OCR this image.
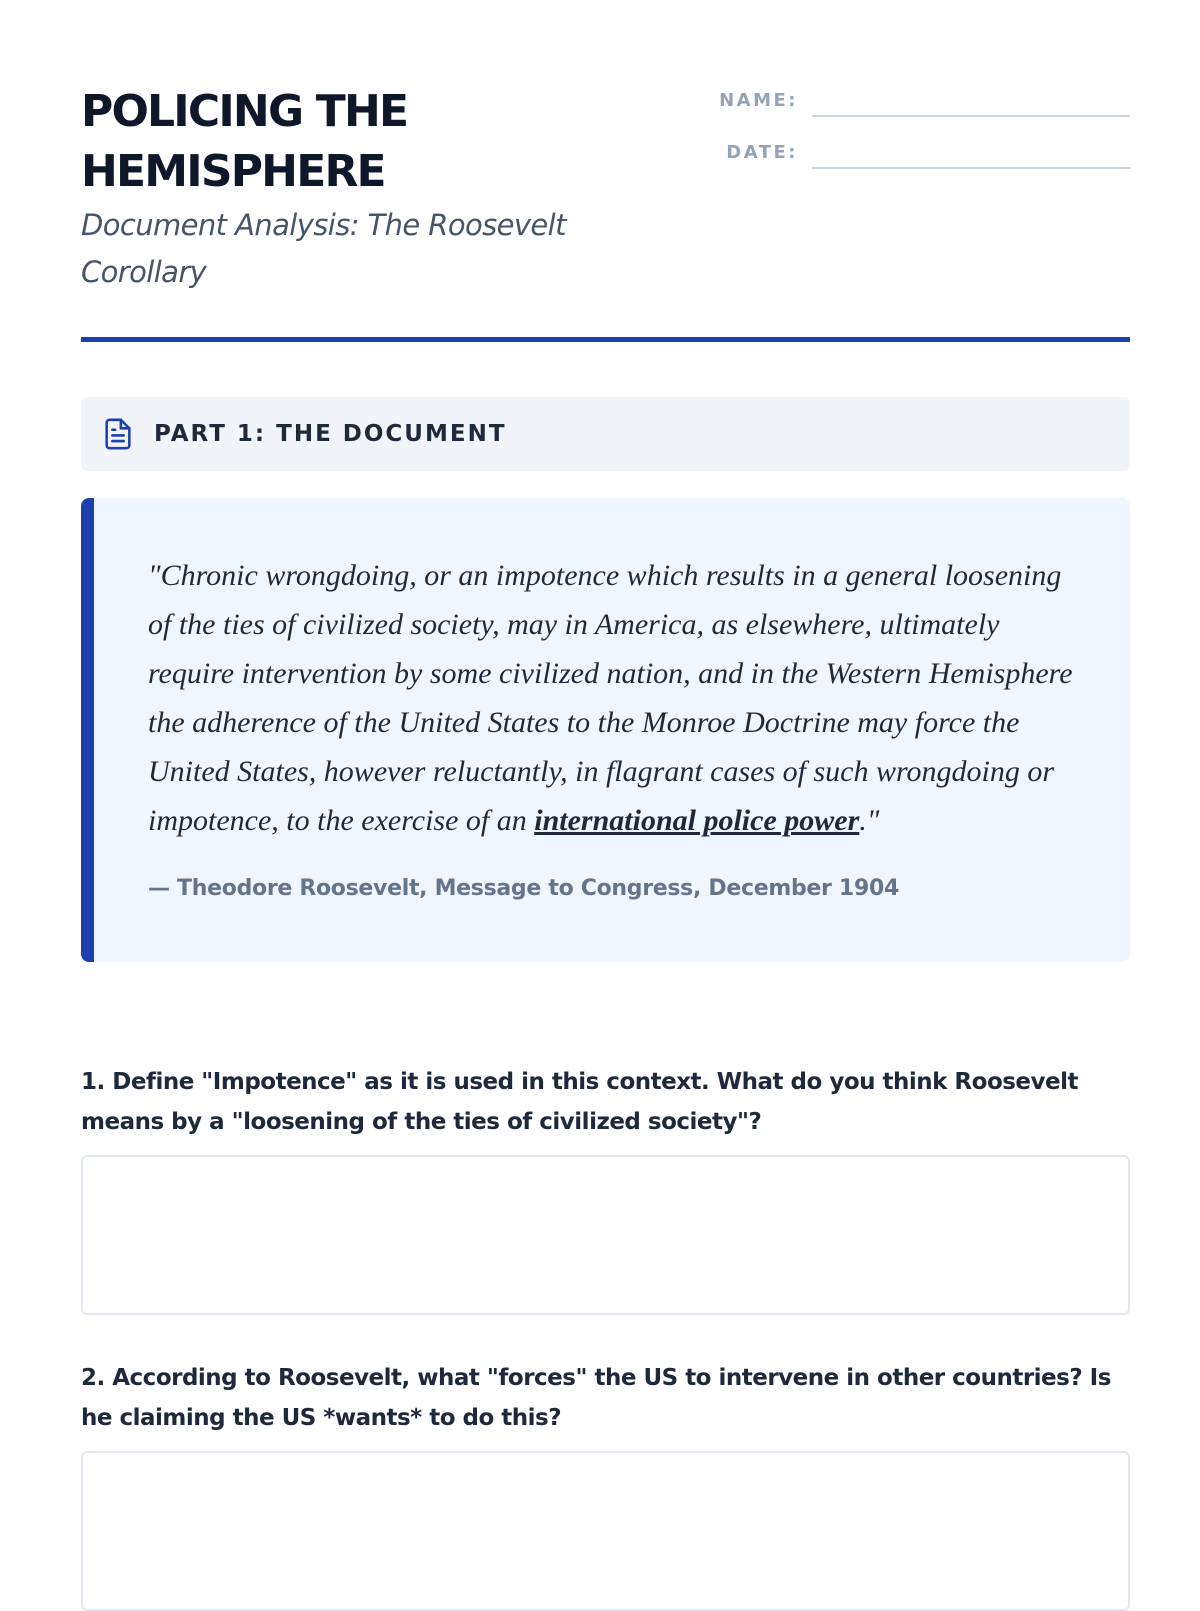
POLICING THE HEMISPHERE

Document Analysis: The Roosevelt Corollary

NAME:
DATE:
PART 1: THE DOCUMENT

"Chronic wrongdoing, or an impotence which results in a general loosening of the ties of civilized society, may in America, as elsewhere, ultimately require intervention by some civilized nation, and in the Western Hemisphere the adherence of the United States to the Monroe Doctrine may force the United States, however reluctantly, in flagrant cases of such wrongdoing or impotence, to the exercise of an international police power."

— Theodore Roosevelt, Message to Congress, December 1904

1. Define "Impotence" as it is used in this context. What do you think Roosevelt means by a "loosening of the ties of civilized society"?

2. According to Roosevelt, what "forces" the US to intervene in other countries? Is he claiming the US *wants* to do this?
